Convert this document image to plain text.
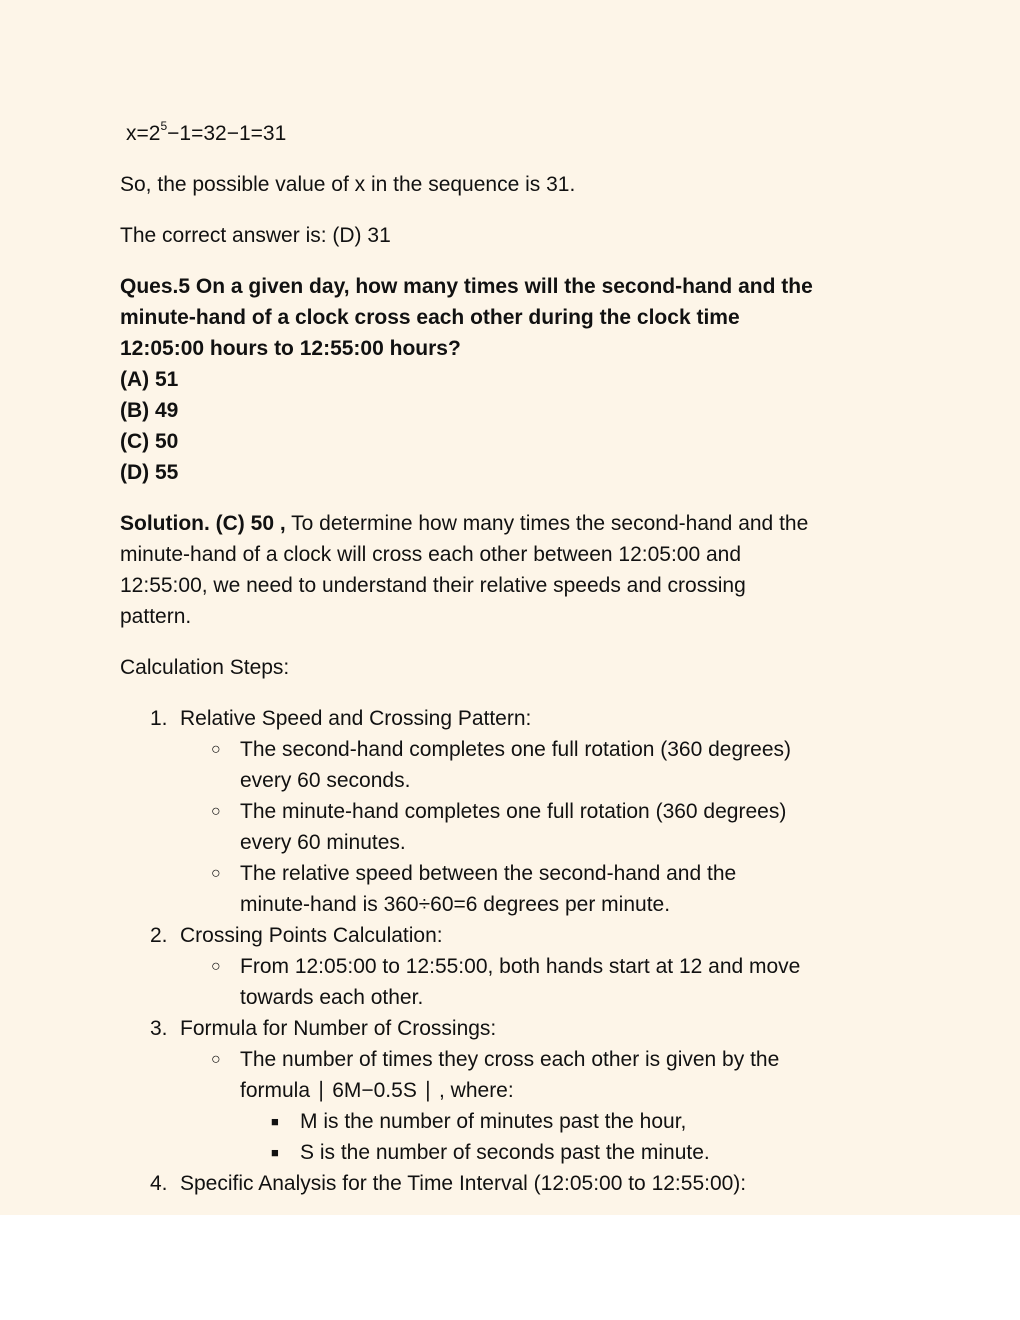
$x=2^5-1=32-1=31$

So, the possible value of x in the sequence is 31.

The correct answer is: (D) 31

Ques.5 On a given day, how many times will the second-hand and the
minute-hand of a clock cross each other during the clock time
12:05:00 hours to 12:55:00 hours?
(A) 51
(B) 49
(C) 50
(D) 55
Solution. (C) 50 , To determine how many times the second-hand and the
minute-hand of a clock will cross each other between 12:05:00 and
12:55:00, we need to understand their relative speeds and crossing
pattern.
Calculation Steps:
1. Relative Speed and Crossing Pattern:
○ The second-hand completes one full rotation (360 degrees)
every 60 seconds.
○ The minute-hand completes one full rotation (360 degrees)
every 60 minutes.
○ The relative speed between the second-hand and the
minute-hand is 360÷60=6 degrees per minute.
2. Crossing Points Calculation:
○ From 12:05:00 to 12:55:00, both hands start at 12 and move
towards each other.
3. Formula for Number of Crossings:
○ The number of times they cross each other is given by the
formula ∣ 6M−0.5S ∣ , where:
■ M is the number of minutes past the hour,
■ S is the number of seconds past the minute.
4. Specific Analysis for the Time Interval (12:05:00 to 12:55:00):
